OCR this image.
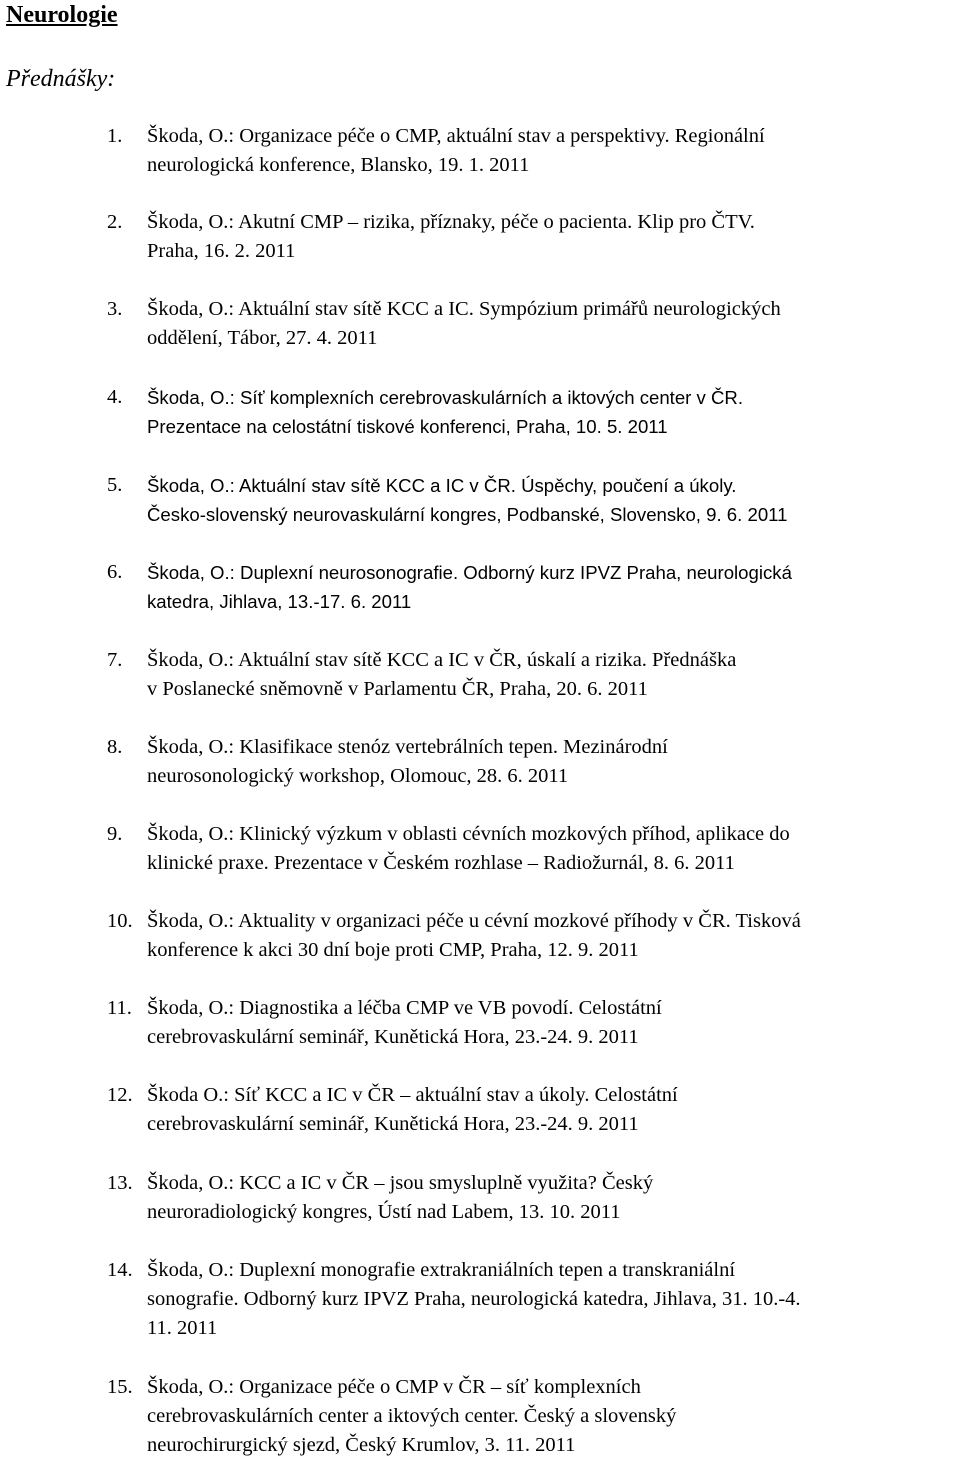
Neurologie
Přednášky:
1.	Škoda, O.: Organizace péče o CMP, aktuální stav a perspektivy. Regionální
neurologická konference, Blansko, 19. 1. 2011
2.	Škoda, O.: Akutní CMP – rizika, příznaky, péče o pacienta. Klip pro ČTV.
Praha, 16. 2. 2011
3.	Škoda, O.: Aktuální stav sítě KCC a IC. Sympózium primářů neurologických
oddělení, Tábor, 27. 4. 2011
4.	Škoda, O.: Síť komplexních cerebrovaskulárních a iktových center v ČR.
Prezentace na celostátní tiskové konferenci, Praha, 10. 5. 2011
5.	Škoda, O.: Aktuální stav sítě KCC a IC v ČR. Úspěchy, poučení a úkoly.
Česko-slovenský neurovaskulární kongres, Podbanské, Slovensko, 9. 6. 2011
6.	Škoda, O.: Duplexní neurosonografie. Odborný kurz IPVZ Praha, neurologická
katedra, Jihlava, 13.-17. 6. 2011
7.	Škoda, O.: Aktuální stav sítě KCC a IC v ČR, úskalí a rizika. Přednáška
v Poslanecké sněmovně v Parlamentu ČR, Praha, 20. 6. 2011
8.	Škoda, O.: Klasifikace stenóz vertebrálních tepen. Mezinárodní
neurosonologický workshop, Olomouc, 28. 6. 2011
9.	Škoda, O.: Klinický výzkum v oblasti cévních mozkových příhod, aplikace do
klinické praxe. Prezentace v Českém rozhlase – Radiožurnál, 8. 6. 2011
10. Škoda, O.: Aktuality v organizaci péče u cévní mozkové příhody v ČR. Tisková
konference k akci 30 dní boje proti CMP, Praha, 12. 9. 2011
11. Škoda, O.: Diagnostika a léčba CMP ve VB povodí. Celostátní
cerebrovaskulární seminář, Kunětická Hora, 23.-24. 9. 2011
12. Škoda O.: Síť KCC a IC v ČR – aktuální stav a úkoly. Celostátní
cerebrovaskulární seminář, Kunětická Hora, 23.-24. 9. 2011
13. Škoda, O.: KCC a IC v ČR – jsou smysluplně využita? Český
neuroradiologický kongres, Ústí nad Labem, 13. 10. 2011
14. Škoda, O.: Duplexní monografie extrakraniálních tepen a transkraniální
sonografie. Odborný kurz IPVZ Praha, neurologická katedra, Jihlava, 31. 10.-4.
11. 2011
15. Škoda, O.: Organizace péče o CMP v ČR – síť komplexních
cerebrovaskulárních center a iktových center. Český a slovenský
neurochirurgický sjezd, Český Krumlov, 3. 11. 2011
